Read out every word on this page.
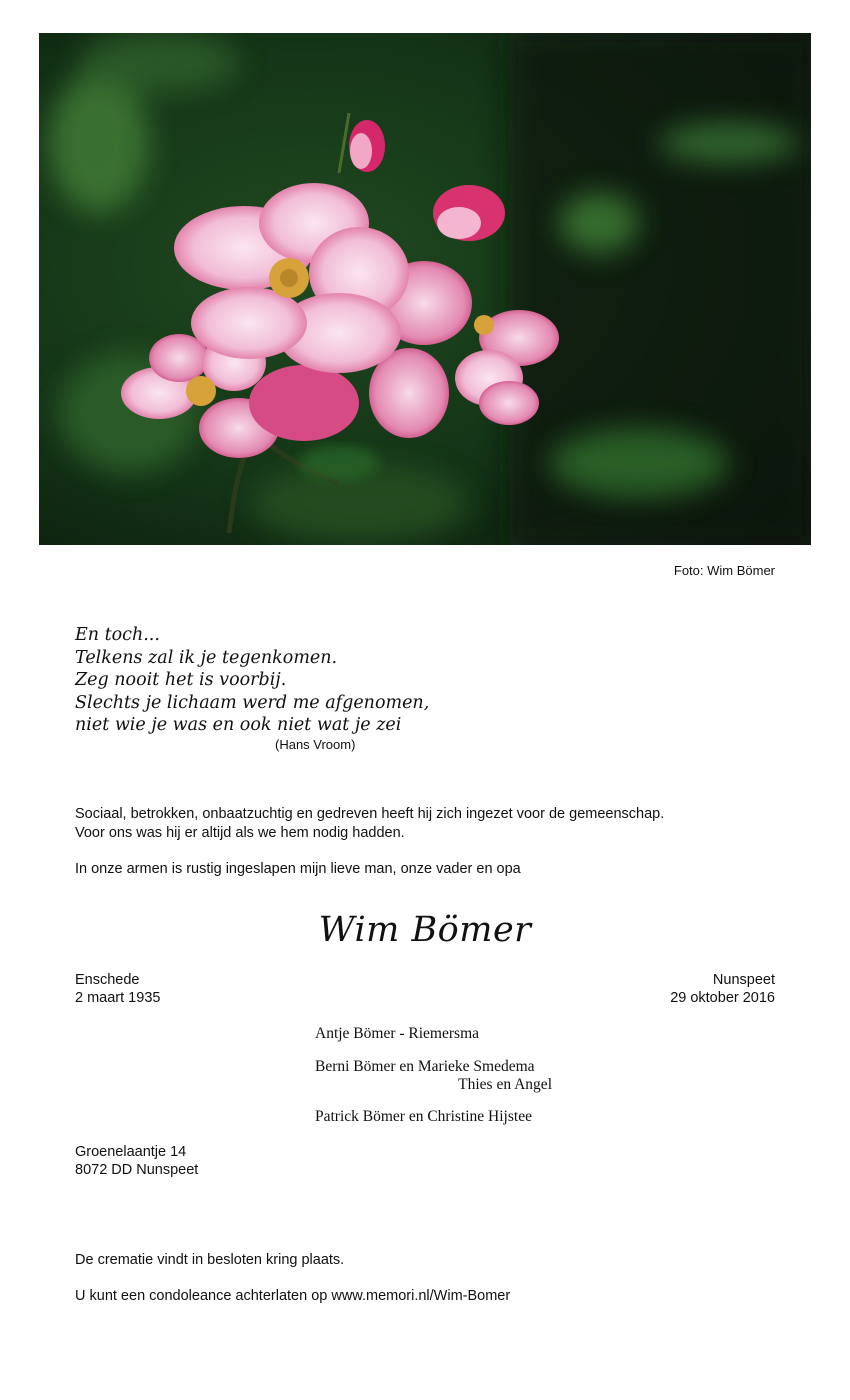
Foto: Wim Bömer
En toch...
Telkens zal ik je tegenkomen.
Zeg nooit het is voorbij.
Slechts je lichaam werd me afgenomen,
niet wie je was en ook niet wat je zei
(Hans Vroom)
Sociaal, betrokken, onbaatzuchtig en gedreven heeft hij zich ingezet voor de gemeenschap.
Voor ons was hij er altijd als we hem nodig hadden.
In onze armen is rustig ingeslapen mijn lieve man, onze vader en opa
Wim Bömer
Enschede
2 maart 1935
Nunspeet
29 oktober 2016
Antje Bömer - Riemersma
Berni Bömer en Marieke Smedema
Thies en Angel
Patrick Bömer en Christine Hijstee
Groenelaantje 14
8072 DD Nunspeet
De crematie vindt in besloten kring plaats.
U kunt een condoleance achterlaten op www.memori.nl/Wim-Bomer
